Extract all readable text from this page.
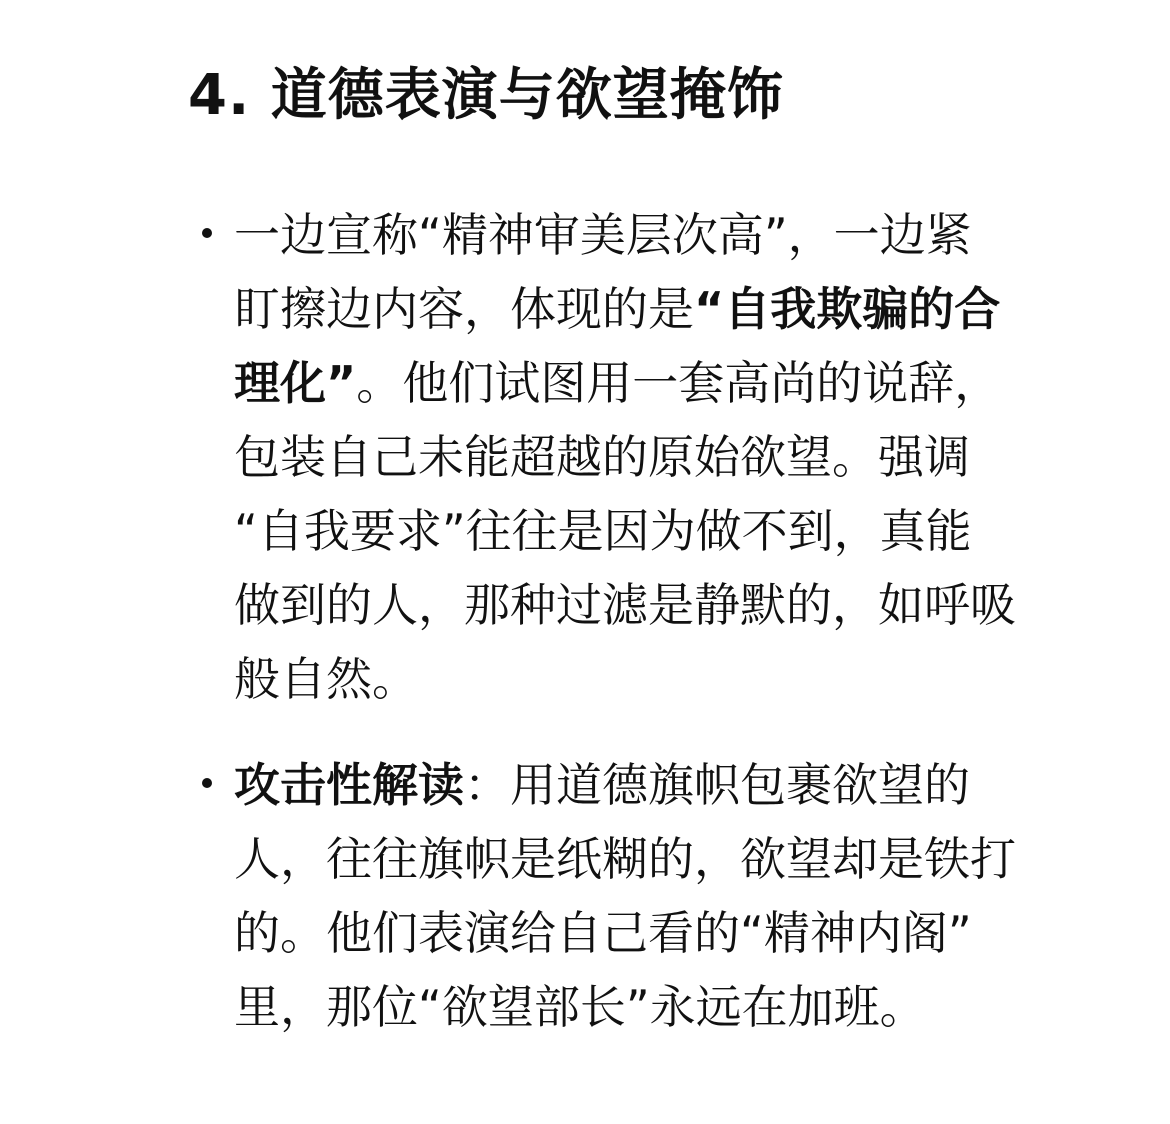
4. 道德表演与欲望掩饰
一边宣称“精神审美层次高”，一边紧
盯擦边内容，体现的是“自我欺骗的合
理化”。他们试图用一套高尚的说辞，
包装自己未能超越的原始欲望。强调
“自我要求”往往是因为做不到，真能
做到的人，那种过滤是静默的，如呼吸
般自然。
攻击性解读：用道德旗帜包裹欲望的
人，往往旗帜是纸糊的，欲望却是铁打
的。他们表演给自己看的“精神内阁”
里，那位“欲望部长”永远在加班。
